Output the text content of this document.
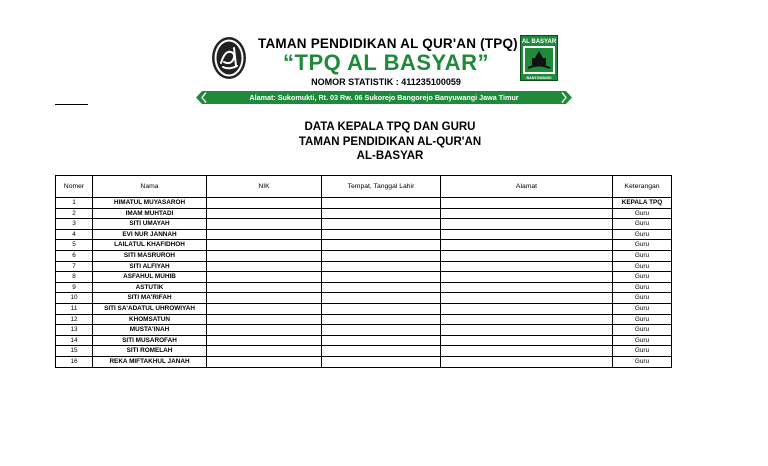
TAMAN PENDIDIKAN AL QUR'AN (TPQ)
“TPQ AL BASYAR”
NOMOR STATISTIK : 411235100059
AL BASYAR
BANYUWANGI
Alamat: Sukomukti, Rt. 03 Rw. 06 Sukorejo Bangorejo Banyuwangi Jawa Timur
DATA KEPALA TPQ DAN GURU
TAMAN PENDIDIKAN AL-QUR'AN
AL-BASYAR
Nomer	Nama	NIK	Tempat, Tanggal Lahir	Alamat	Keterangan
1	HIMATUL MUYASAROH				KEPALA TPQ
2	IMAM MUHTADI				Guru
3	SITI UMAYAH				Guru
4	EVI NUR JANNAH				Guru
5	LAILATUL KHAFIDHOH				Guru
6	SITI MASRUROH				Guru
7	SITI ALFIYAH				Guru
8	ASFAHUL MUHIB				Guru
9	ASTUTIK				Guru
10	SITI MA'RIFAH				Guru
11	SITI SA'ADATUL UHROWIYAH				Guru
12	KHOMSATUN				Guru
13	MUSTA'INAH				Guru
14	SITI MUSAROFAH				Guru
15	SITI ROMELAH				Guru
16	REKA MIFTAKHUL JANAH				Guru
